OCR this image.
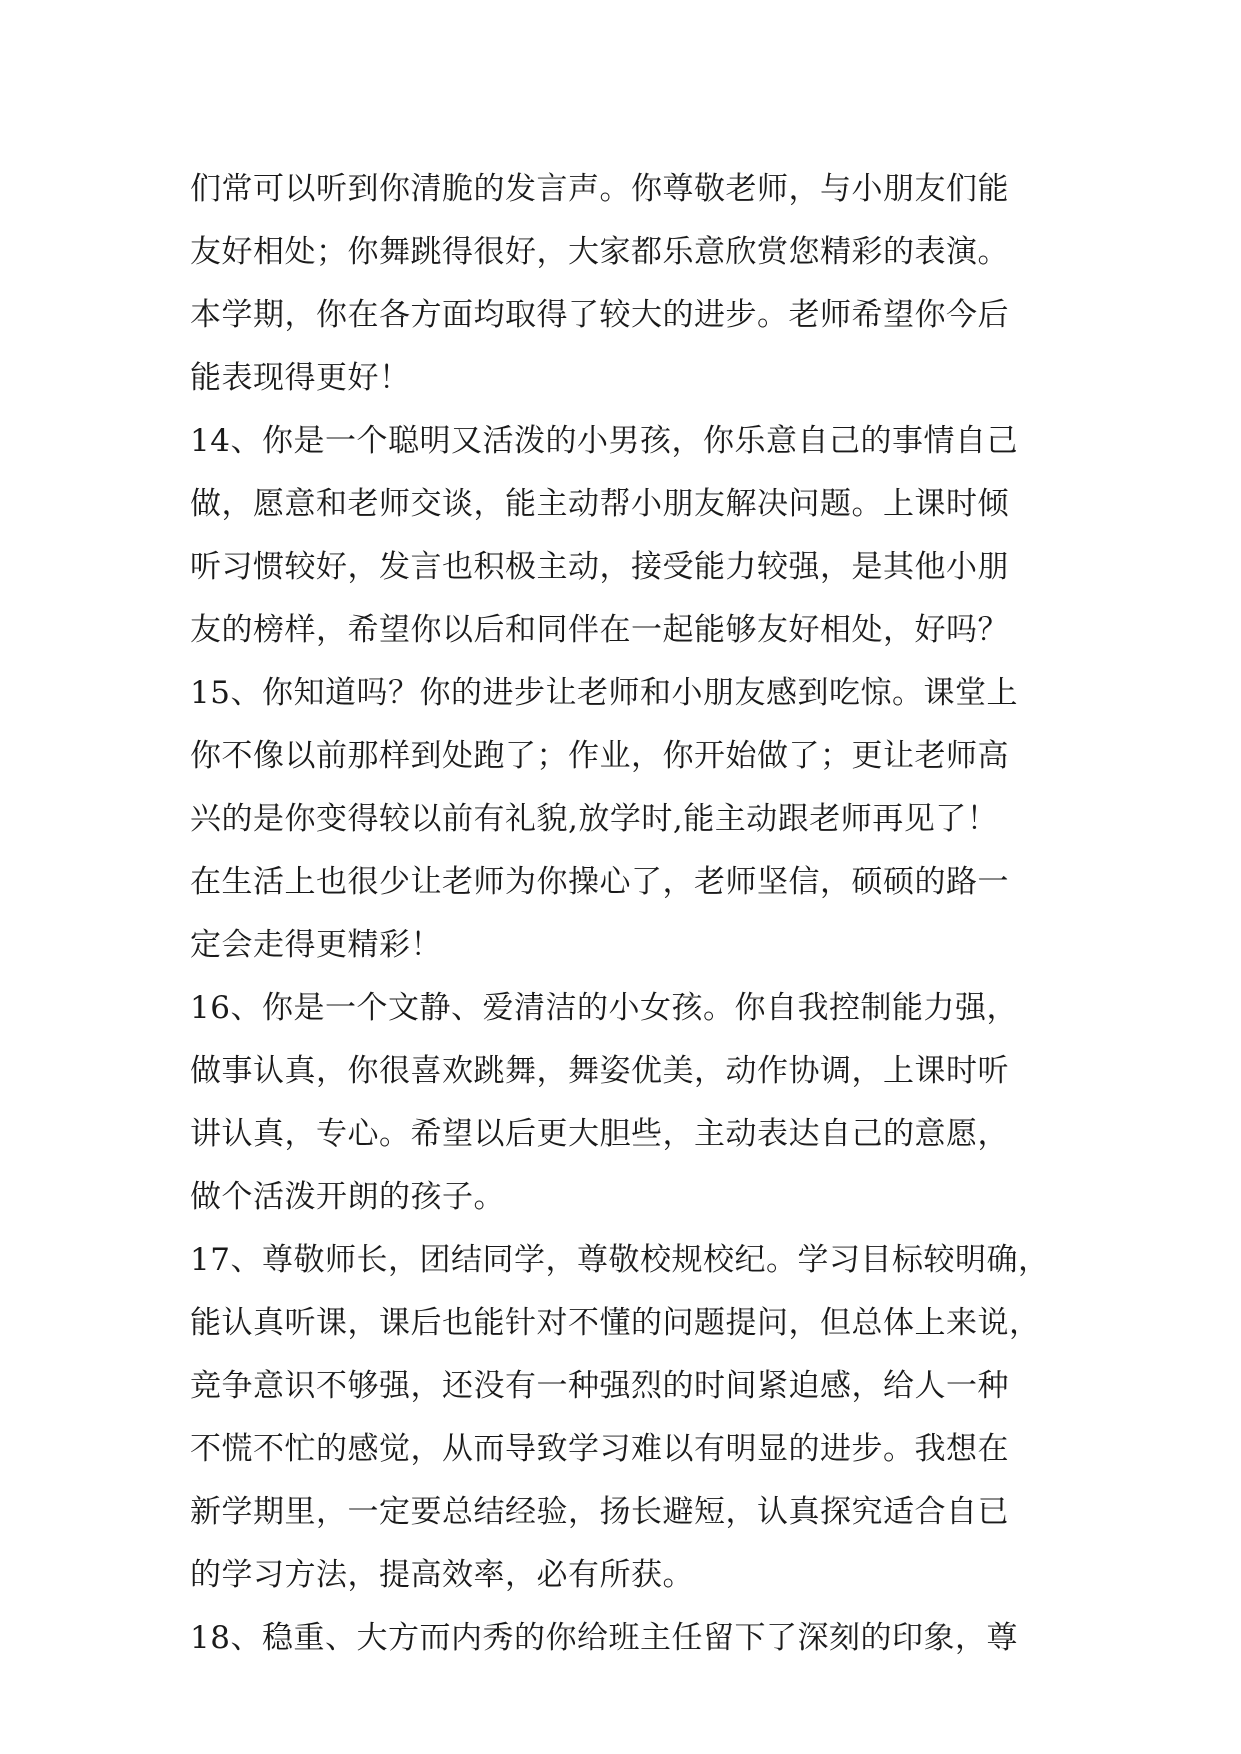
们常可以听到你清脆的发言声。你尊敬老师，与小朋友们能
友好相处；你舞跳得很好，大家都乐意欣赏您精彩的表演。
本学期，你在各方面均取得了较大的进步。老师希望你今后
能表现得更好！
14、你是一个聪明又活泼的小男孩，你乐意自己的事情自己
做，愿意和老师交谈，能主动帮小朋友解决问题。上课时倾
听习惯较好，发言也积极主动，接受能力较强，是其他小朋
友的榜样，希望你以后和同伴在一起能够友好相处，好吗？
15、你知道吗？你的进步让老师和小朋友感到吃惊。课堂上
你不像以前那样到处跑了；作业，你开始做了；更让老师高
兴的是你变得较以前有礼貌,放学时,能主动跟老师再见了！
在生活上也很少让老师为你操心了，老师坚信，硕硕的路一
定会走得更精彩！
16、你是一个文静、爱清洁的小女孩。你自我控制能力强，
做事认真，你很喜欢跳舞，舞姿优美，动作协调，上课时听
讲认真，专心。希望以后更大胆些，主动表达自己的意愿，
做个活泼开朗的孩子。
17、尊敬师长，团结同学，尊敬校规校纪。学习目标较明确，
能认真听课，课后也能针对不懂的问题提问，但总体上来说，
竞争意识不够强，还没有一种强烈的时间紧迫感，给人一种
不慌不忙的感觉，从而导致学习难以有明显的进步。我想在
新学期里，一定要总结经验，扬长避短，认真探究适合自已
的学习方法，提高效率，必有所获。
18、稳重、大方而内秀的你给班主任留下了深刻的印象，尊
